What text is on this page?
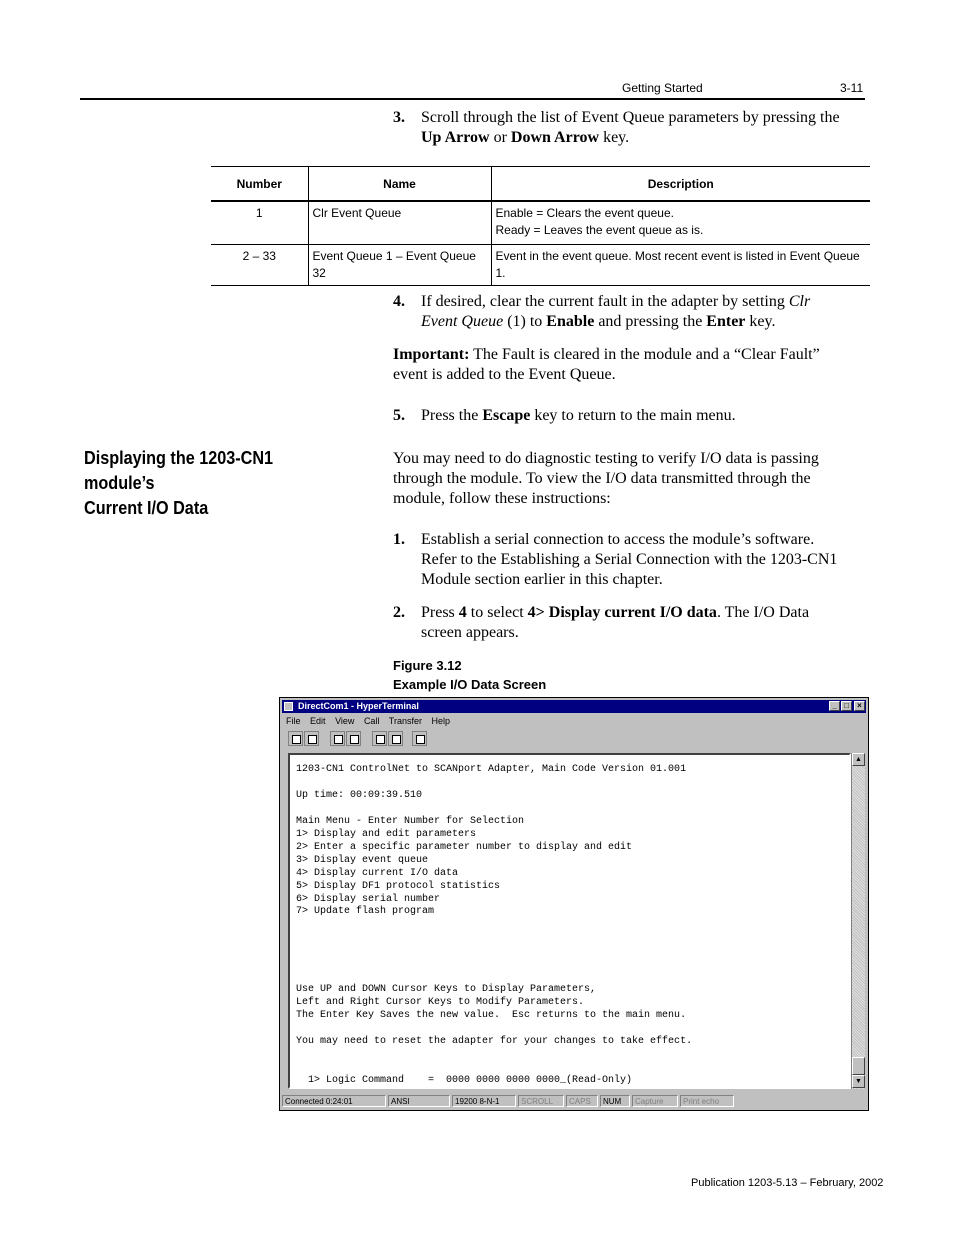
Getting Started	3-11
3. Scroll through the list of Event Queue parameters by pressing the
Up Arrow or Down Arrow key.
Number	Name	Description
1	Clr Event Queue	Enable = Clears the event queue.
Ready = Leaves the event queue as is.

2 – 33	Event Queue 1 – Event Queue 32	Event in the event queue. Most recent event is listed in Event Queue 1.
4. If desired, clear the current fault in the adapter by setting Clr
Event Queue (1) to Enable and pressing the Enter key.
Important: The Fault is cleared in the module and a “Clear Fault”
event is added to the Event Queue.
5. Press the Escape key to return to the main menu.
Displaying the 1203-CN1 module’s
Current I/O Data
You may need to do diagnostic testing to verify I/O data is passing
through the module. To view the I/O data transmitted through the
module, follow these instructions:
1. Establish a serial connection to access the module’s software.
Refer to the Establishing a Serial Connection with the 1203-CN1
Module section earlier in this chapter.
2. Press 4 to select 4> Display current I/O data. The I/O Data
screen appears.
Figure 3.12
Example I/O Data Screen
DirectCom1 - HyperTerminal	_ □	×
File Edit View Call Transfer Help
1203-CN1 ControlNet to SCANport Adapter, Main Code Version 01.001
Up time: 00:09:39.510
Main Menu - Enter Number for Selection
1> Display and edit parameters
2> Enter a specific parameter number to display and edit
3> Display event queue
4> Display current I/O data
5> Display DF1 protocol statistics
6> Display serial number
7> Update flash program
Use UP and DOWN Cursor Keys to Display Parameters,
Left and Right Cursor Keys to Modify Parameters.
The Enter Key Saves the new value.  Esc returns to the main menu.
You may need to reset the adapter for your changes to take effect.
1> Logic Command    =  0000 0000 0000 0000_(Read-Only)
▲
▼
Connected 0:24:01	ANSI	19200 8-N-1	SCROLL	CAPS	NUM	Capture	Print echo
Publication 1203-5.13 – February, 2002
